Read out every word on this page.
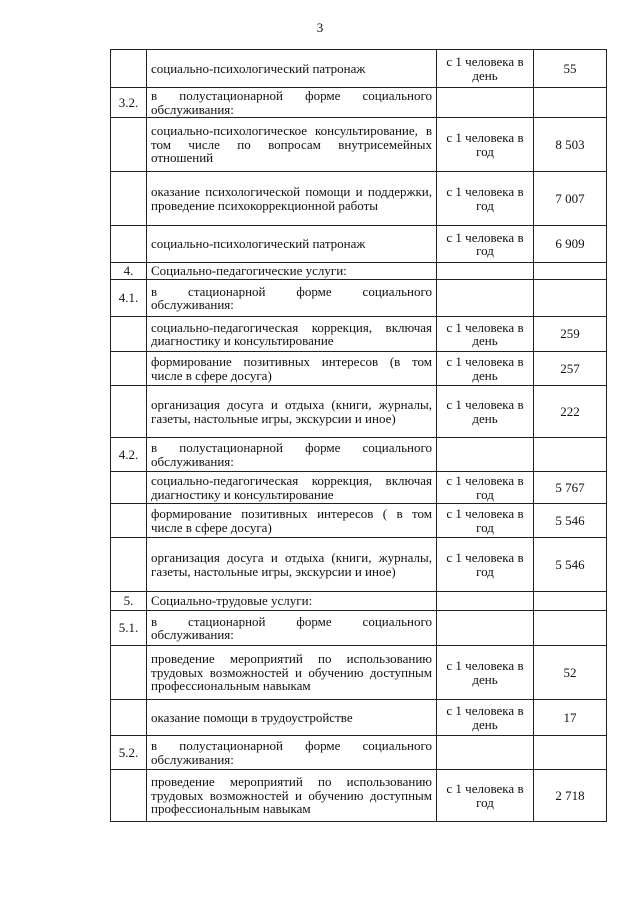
3
	социально-психологический патронаж	с 1 человека в день	55
3.2.	в полустационарной форме социального обслуживания:		
	социально-психологическое консультирование, в том числе по вопросам внутрисемейных отношений	с 1 человека в год	8 503
	оказание психологической помощи и поддержки, проведение психокоррекционной работы	с 1 человека в год	7 007
	социально-психологический патронаж	с 1 человека в год	6 909
4.	Социально-педагогические услуги:		
4.1.	в стационарной форме социального обслуживания:		
	социально-педагогическая коррекция, включая диагностику и консультирование	с 1 человека в день	259
	формирование позитивных интересов (в том числе в сфере досуга)	с 1 человека в день	257
	организация досуга и отдыха (книги, журналы, газеты, настольные игры, экскурсии и иное)	с 1 человека в день	222
4.2.	в полустационарной форме социального обслуживания:		
	социально-педагогическая коррекция, включая диагностику и консультирование	с 1 человека в год	5 767
	формирование позитивных интересов ( в том числе в сфере досуга)	с 1 человека в год	5 546
	организация досуга и отдыха (книги, журналы, газеты, настольные игры, экскурсии и иное)	с 1 человека в год	5 546
5.	Социально-трудовые услуги:		
5.1.	в стационарной форме социального обслуживания:		
	проведение мероприятий по использованию трудовых возможностей и обучению доступным профессиональным навыкам	с 1 человека в день	52
	оказание помощи в трудоустройстве	с 1 человека в день	17
5.2.	в полустационарной форме социального обслуживания:		
	проведение мероприятий по использованию трудовых возможностей и обучению доступным профессиональным навыкам	с 1 человека в год	2 718
